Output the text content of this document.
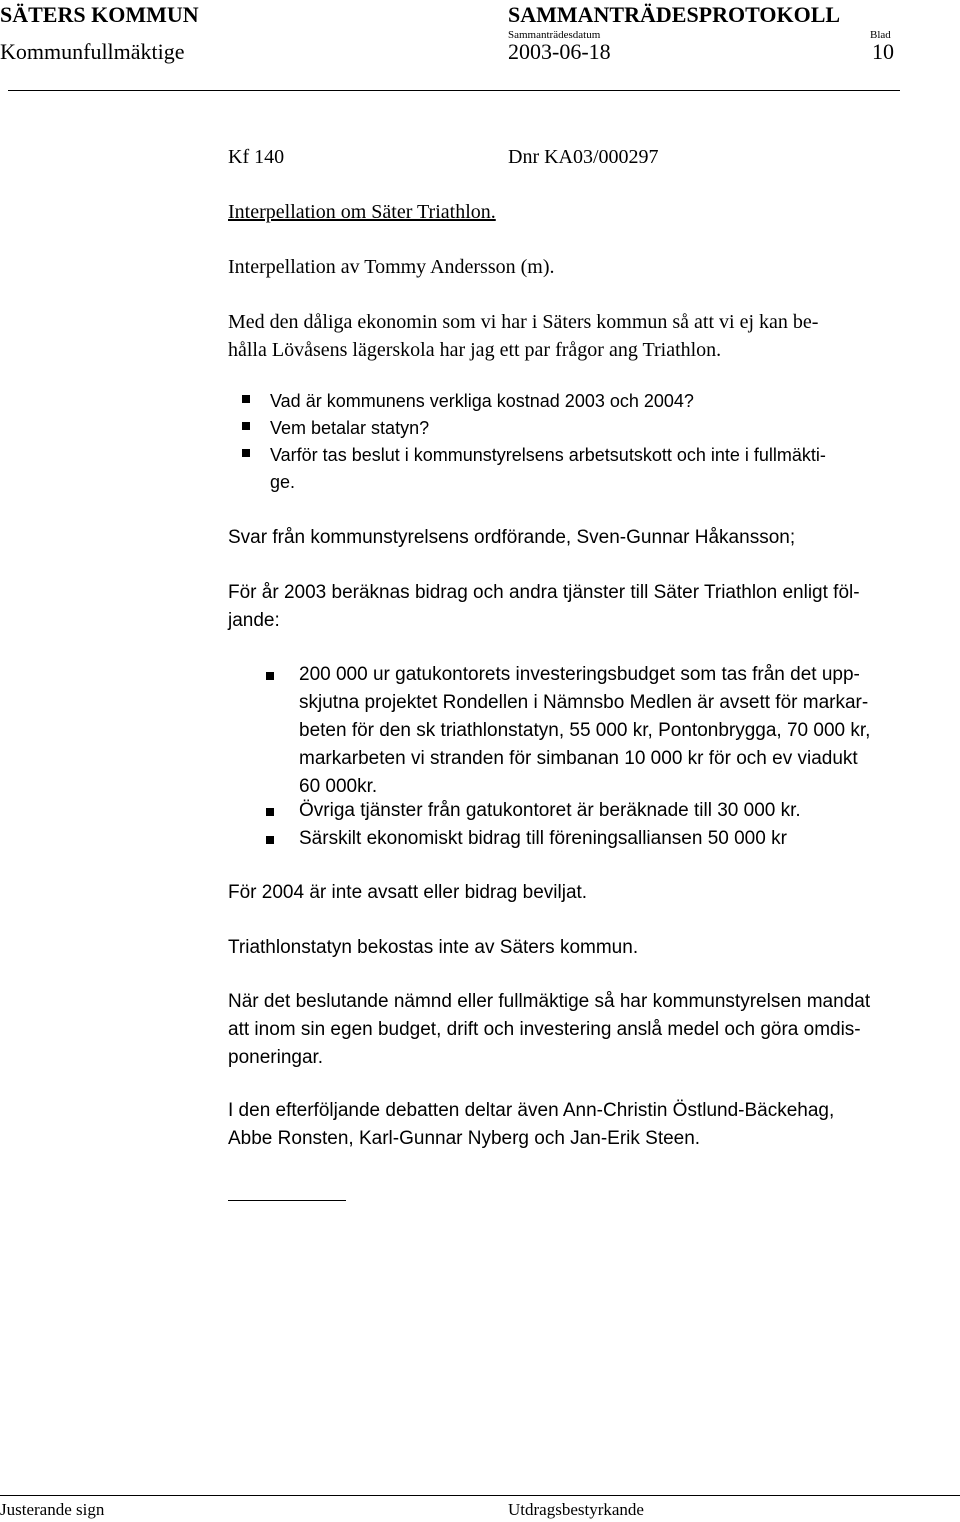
SÄTERS KOMMUN	SAMMANTRÄDESPROTOKOLL
Sammanträdesdatum	Blad
Kommunfullmäktige	2003-06-18	10
Kf 140	Dnr KA03/000297
Interpellation om Säter Triathlon.
Interpellation av Tommy Andersson (m).
Med den dåliga ekonomin som vi har i Säters kommun så att vi ej kan be-
hålla Lövåsens lägerskola har jag ett par frågor ang Triathlon.
Vad är kommunens verkliga kostnad 2003 och 2004?
Vem betalar statyn?
Varför tas beslut i kommunstyrelsens arbetsutskott och inte i fullmäkti-
ge.
Svar från kommunstyrelsens ordförande, Sven-Gunnar Håkansson;
För år 2003 beräknas bidrag och andra tjänster till Säter Triathlon enligt föl-
jande:
200 000 ur gatukontorets investeringsbudget som tas från det upp-
skjutna projektet Rondellen i Nämnsbo Medlen är avsett för markar-
beten för den sk triathlonstatyn, 55 000 kr, Pontonbrygga, 70 000 kr,
markarbeten vi stranden för simbanan 10 000 kr för och ev viadukt
60 000kr.
Övriga tjänster från gatukontoret är beräknade till 30 000 kr.
Särskilt ekonomiskt bidrag till föreningsalliansen 50 000 kr
För 2004 är inte avsatt eller bidrag beviljat.
Triathlonstatyn bekostas inte av Säters kommun.
När det beslutande nämnd eller fullmäktige så har kommunstyrelsen mandat
att inom sin egen budget, drift och investering anslå medel och göra omdis-
poneringar.
I den efterföljande debatten deltar även Ann-Christin Östlund-Bäckehag,
Abbe Ronsten, Karl-Gunnar Nyberg och Jan-Erik Steen.
Justerande sign	Utdragsbestyrkande
